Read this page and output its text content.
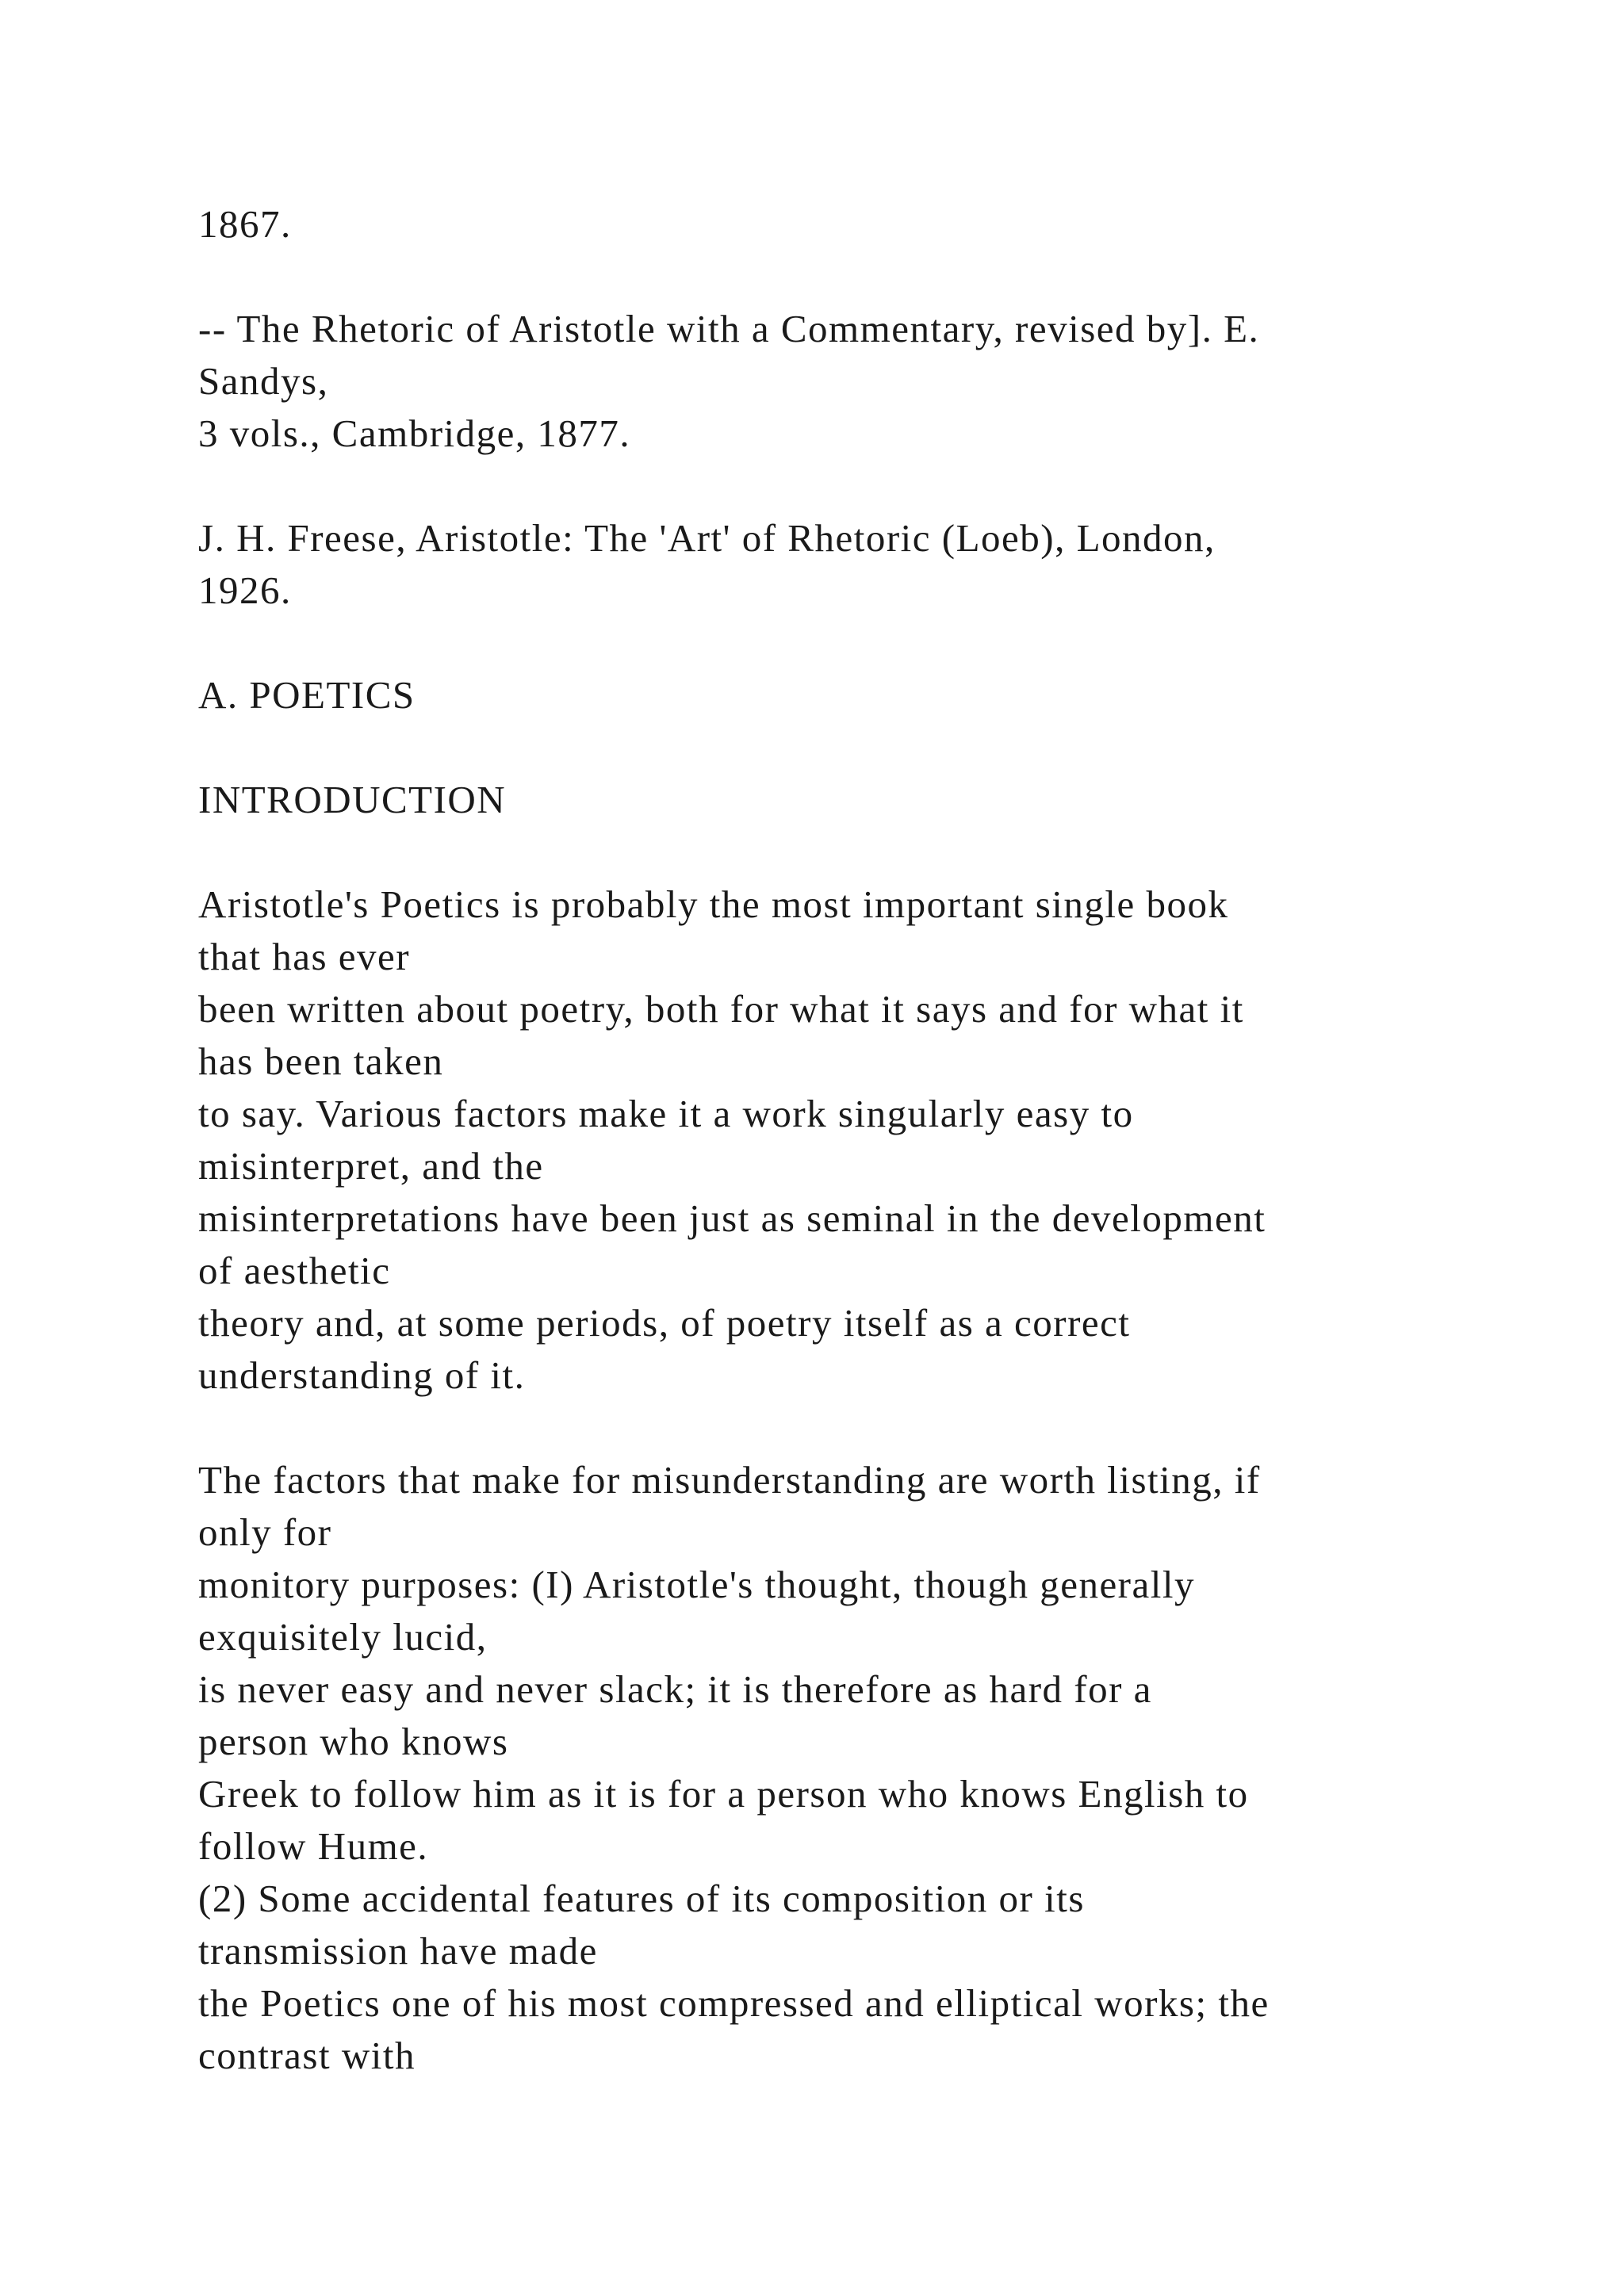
1867.
-- The Rhetoric of Aristotle with a Commentary, revised by]. E.
Sandys,
3 vols., Cambridge, 1877.
J. H. Freese, Aristotle: The 'Art' of Rhetoric (Loeb), London,
1926.
A. POETICS
INTRODUCTION
Aristotle's Poetics is probably the most important single book
that has ever
been written about poetry, both for what it says and for what it
has been taken
to say. Various factors make it a work singularly easy to
misinterpret, and the
misinterpretations have been just as seminal in the development
of aesthetic
theory and, at some periods, of poetry itself as a correct
understanding of it.
The factors that make for misunderstanding are worth listing, if
only for
monitory purposes: (I) Aristotle's thought, though generally
exquisitely lucid,
is never easy and never slack; it is therefore as hard for a
person who knows
Greek to follow him as it is for a person who knows English to
follow Hume.
(2) Some accidental features of its composition or its
transmission have made
the Poetics one of his most compressed and elliptical works; the
contrast with
